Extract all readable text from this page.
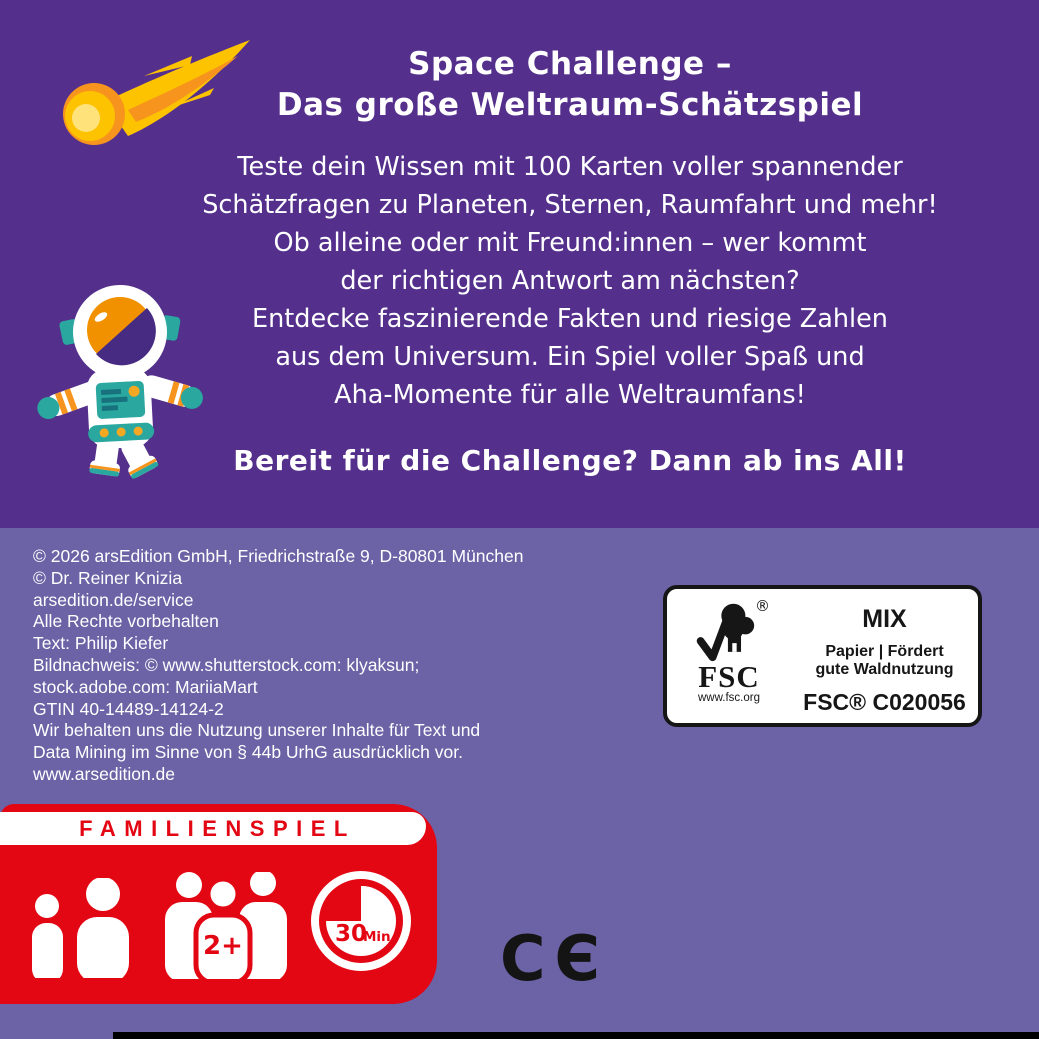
Space Challenge –
Das große Weltraum-Schätzspiel
Teste dein Wissen mit 100 Karten voller spannender
Schätzfragen zu Planeten, Sternen, Raumfahrt und mehr!
Ob alleine oder mit Freund:innen – wer kommt
der richtigen Antwort am nächsten?
Entdecke faszinierende Fakten und riesige Zahlen
aus dem Universum. Ein Spiel voller Spaß und
Aha-Momente für alle Weltraumfans!
Bereit für die Challenge? Dann ab ins All!
© 2026 arsEdition GmbH, Friedrichstraße 9, D-80801 München
© Dr. Reiner Knizia
arsedition.de/service
Alle Rechte vorbehalten
Text: Philip Kiefer
Bildnachweis: © www.shutterstock.com: klyaksun;
stock.adobe.com: MariiaMart
GTIN 40-14489-14124-2
Wir behalten uns die Nutzung unserer Inhalte für Text und
Data Mining im Sinne von § 44b UrhG ausdrücklich vor.
www.arsedition.de
®
FSC
www.fsc.org
MIX
Papier | Fördert
gute Waldnutzung
FSC® C020056
FAMILIENSPIEL
2+	30
Min CЄ
